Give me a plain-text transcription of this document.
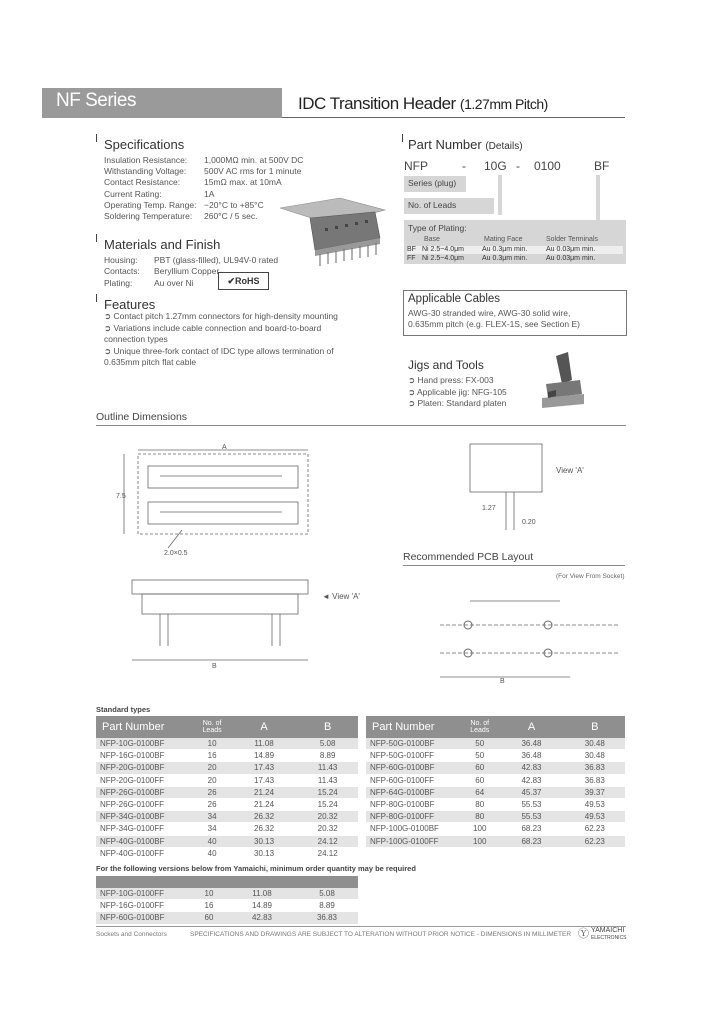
NF Series	IDC Transition Header (1.27mm Pitch)
Specifications
Insulation Resistance: 1,000MΩ min. at 500V DC
Withstanding Voltage: 500V AC rms for 1 minute
Contact Resistance:	15mΩ max. at 10mA
Current Rating:	1A
Operating Temp. Range: −20°C to +85°C
Soldering Temperature: 260°C / 5 sec.
Materials and Finish
Housing: PBT (glass-filled), UL94V-0 rated
Contacts: Beryllium Copper
Plating:	Au over Ni	✔RoHS
Features
➲ Contact pitch 1.27mm connectors for high-density mounting
➲ Variations include cable connection and board-to-board connection types
➲ Unique three-fork contact of IDC type allows termination of 0.635mm pitch flat cable
Part Number (Details)
NFP	- 10G - 0100	BF
Series (plug)
No. of Leads
Type of Plating:
Base	Mating Face	Solder Terminals
BF Ni 2.5~4.0μm	Au 0.3μm min.	Au 0.03μm min.
FF Ni 2.5~4.0μm	Au 0.3μm min.	Au 0.03μm min.
Applicable Cables
AWG-30 stranded wire, AWG-30 solid wire,
0.635mm pitch (e.g. FLEX-1S, see Section E)
Jigs and Tools
➲ Hand press: FX-003
➲ Applicable jig: NFG-105
➲ Platen: Standard platen
Outline Dimensions
A
7.5
2.0×0.5
B
◄ View 'A'
1.27
0.20
View 'A'
Recommended PCB Layout
(For View From Socket)
B
Standard types
Part Number	No. of Leads	A	B
NFP-10G-0100BF	10	11.08	5.08
NFP-16G-0100BF	16	14.89	8.89
NFP-20G-0100BF	20	17.43	11.43
NFP-20G-0100FF	20	17.43	11.43
NFP-26G-0100BF	26	21.24	15.24
NFP-26G-0100FF	26	21.24	15.24
NFP-34G-0100BF	34	26.32	20.32
NFP-34G-0100FF	34	26.32	20.32
NFP-40G-0100BF	40	30.13	24.12
NFP-40G-0100FF	40	30.13	24.12
Part Number	No. of Leads	A	B
NFP-50G-0100BF	50	36.48	30.48
NFP-50G-0100FF	50	36.48	30.48
NFP-60G-0100BF	60	42.83	36.83
NFP-60G-0100FF	60	42.83	36.83
NFP-64G-0100BF	64	45.37	39.37
NFP-80G-0100BF	80	55.53	49.53
NFP-80G-0100FF	80	55.53	49.53
NFP-100G-0100BF	100	68.23	62.23
NFP-100G-0100FF	100	68.23	62.23
For the following versions below from Yamaichi, minimum order quantity may be required

NFP-10G-0100FF	10	11.08	5.08
NFP-16G-0100FF	16	14.89	8.89
NFP-60G-0100BF	60	42.83	36.83
Sockets and Connectors	SPECIFICATIONS AND DRAWINGS ARE SUBJECT TO ALTERATION WITHOUT PRIOR NOTICE - DIMENSIONS IN MILLIMETER Ⓨ YAMAICHI
ELECTRONICS
